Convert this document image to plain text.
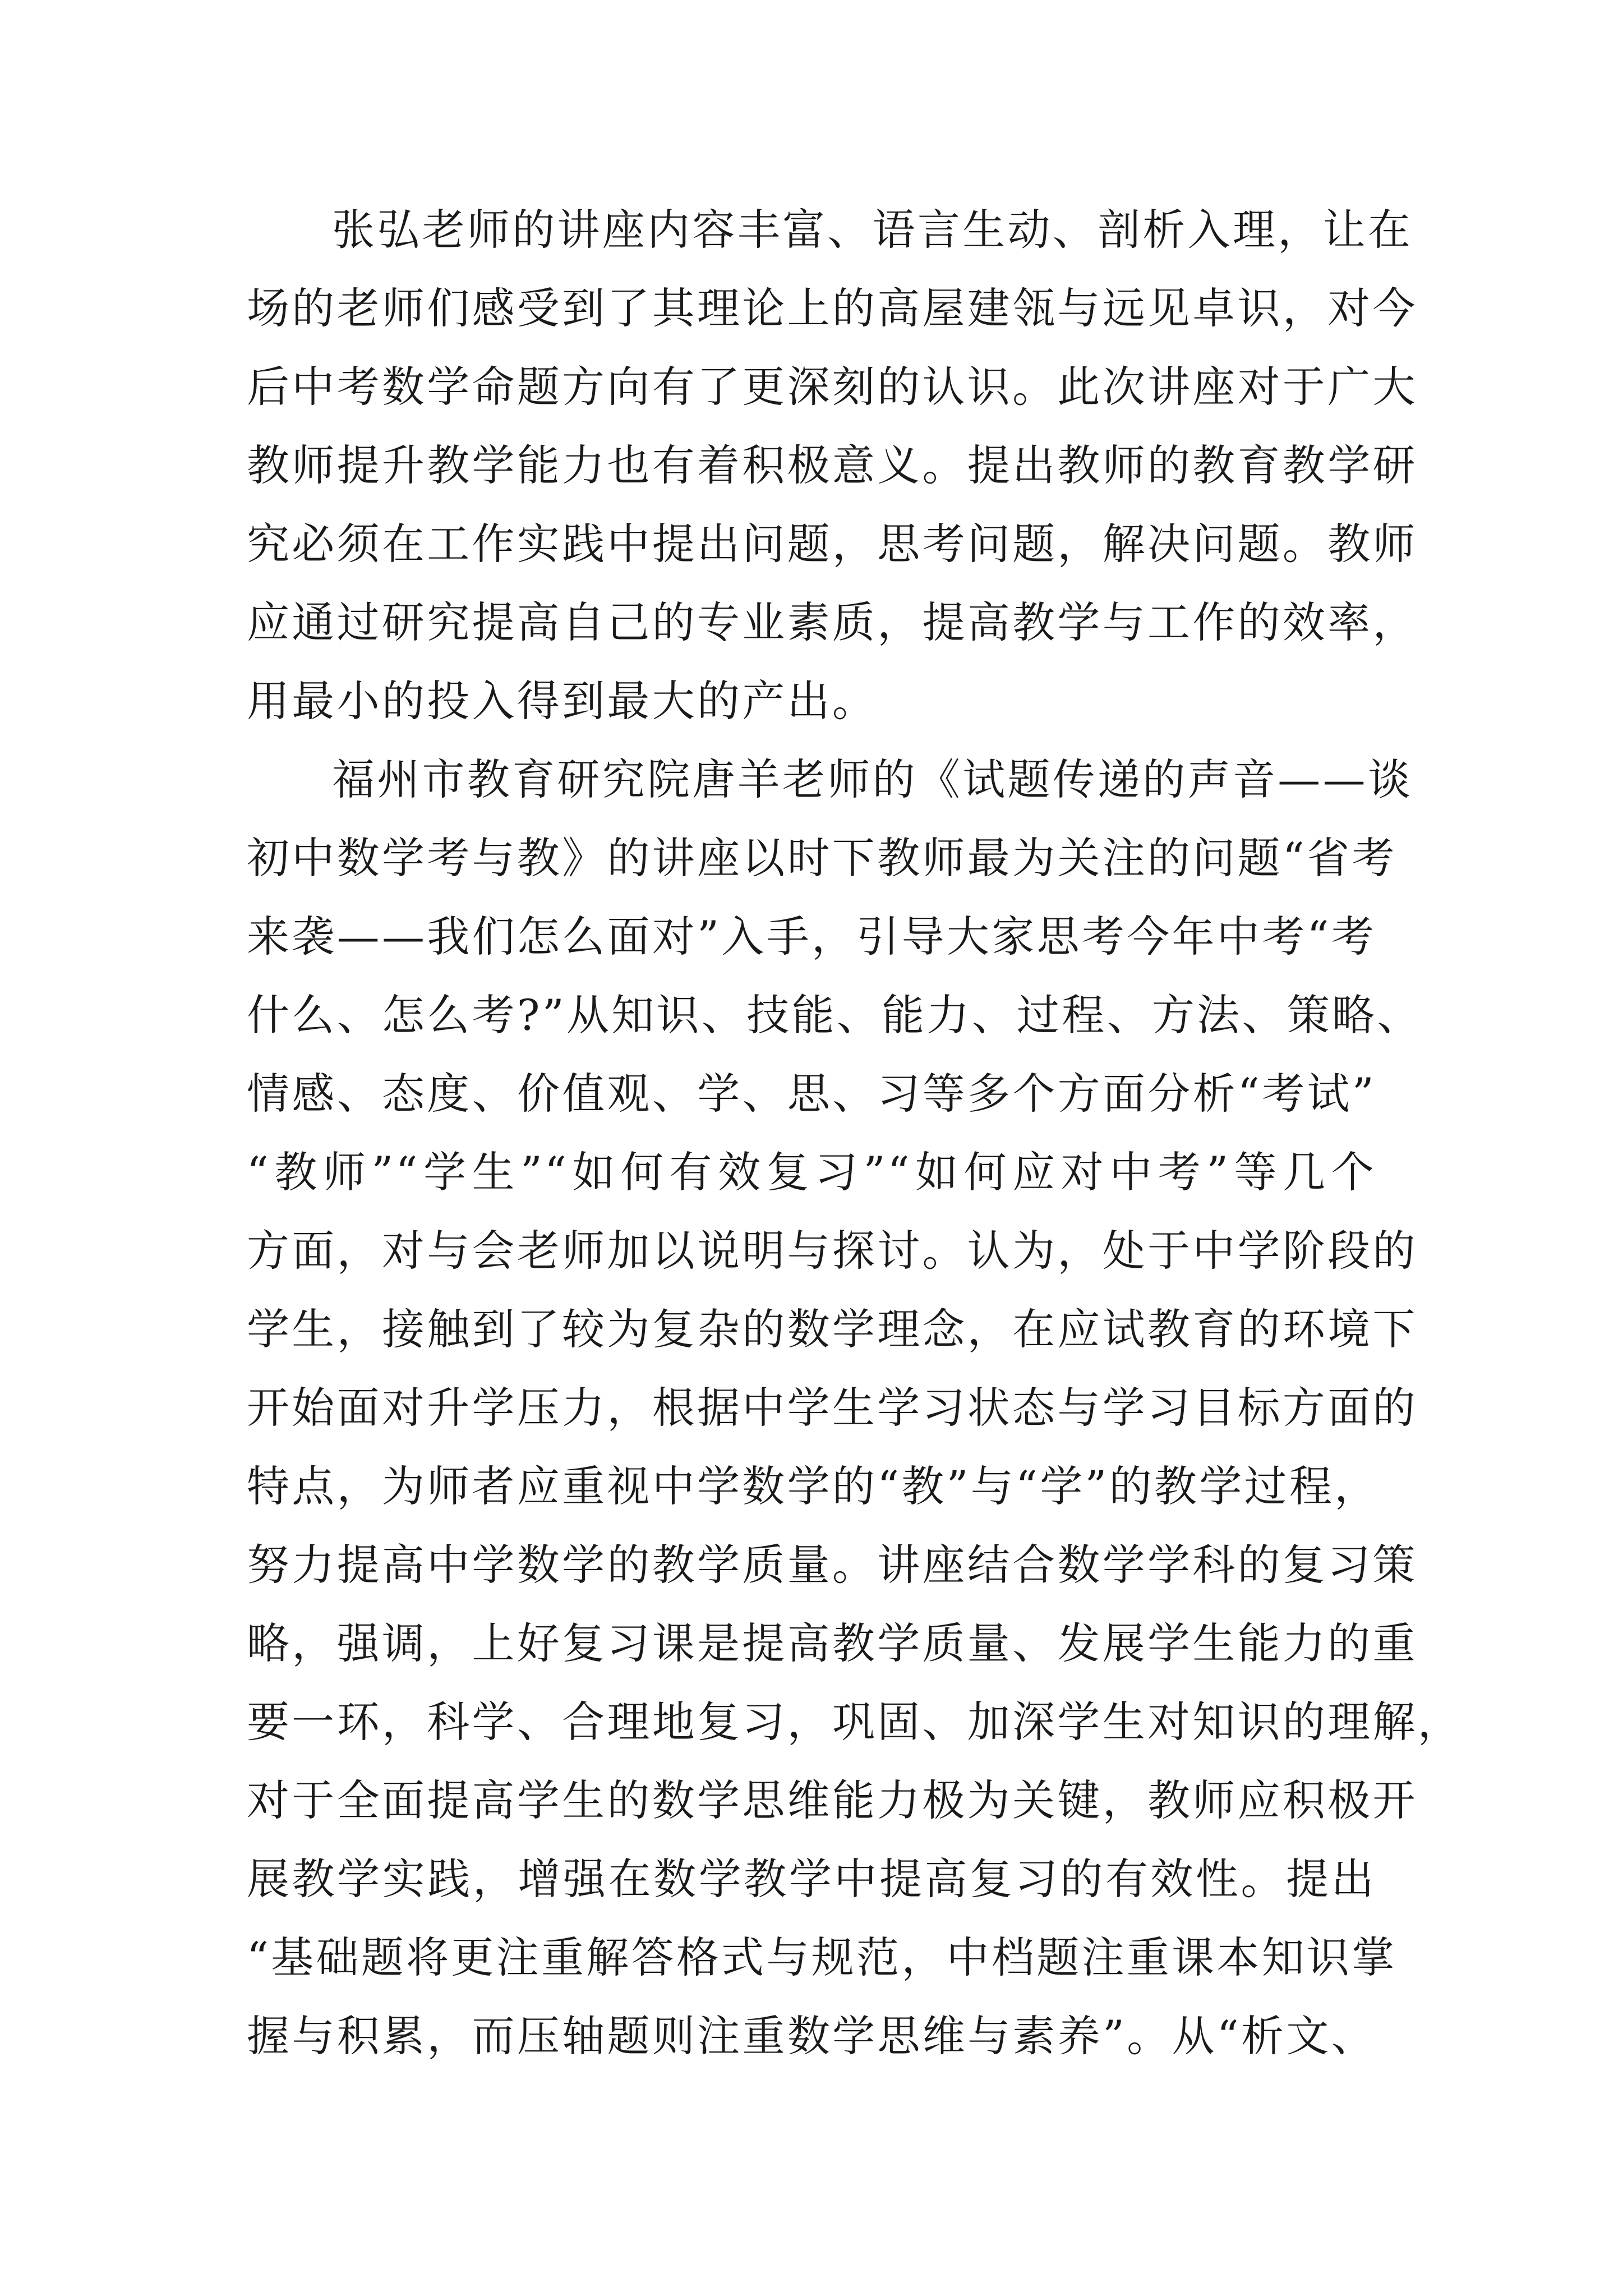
张弘老师的讲座内容丰富、语言生动、剖析入理，让在
场的老师们感受到了其理论上的高屋建瓴与远见卓识，对今
后中考数学命题方向有了更深刻的认识。此次讲座对于广大
教师提升教学能力也有着积极意义。提出教师的教育教学研
究必须在工作实践中提出问题，思考问题，解决问题。教师
应通过研究提高自己的专业素质，提高教学与工作的效率，
用最小的投入得到最大的产出。
福州市教育研究院唐羊老师的《试题传递的声音——谈
初中数学考与教》的讲座以时下教师最为关注的问题“省考
来袭——我们怎么面对”入手，引导大家思考今年中考“考
什么、怎么考?”从知识、技能、能力、过程、方法、策略、
情感、态度、价值观、学、思、习等多个方面分析“考试”
“教师”“学生”“如何有效复习”“如何应对中考”等几个
方面，对与会老师加以说明与探讨。认为，处于中学阶段的
学生，接触到了较为复杂的数学理念，在应试教育的环境下
开始面对升学压力，根据中学生学习状态与学习目标方面的
特点，为师者应重视中学数学的“教”与“学”的教学过程，
努力提高中学数学的教学质量。讲座结合数学学科的复习策
略，强调，上好复习课是提高教学质量、发展学生能力的重
要一环，科学、合理地复习，巩固、加深学生对知识的理解，
对于全面提高学生的数学思维能力极为关键，教师应积极开
展教学实践，增强在数学教学中提高复习的有效性。提出
“基础题将更注重解答格式与规范，中档题注重课本知识掌
握与积累，而压轴题则注重数学思维与素养”。从“析文、
